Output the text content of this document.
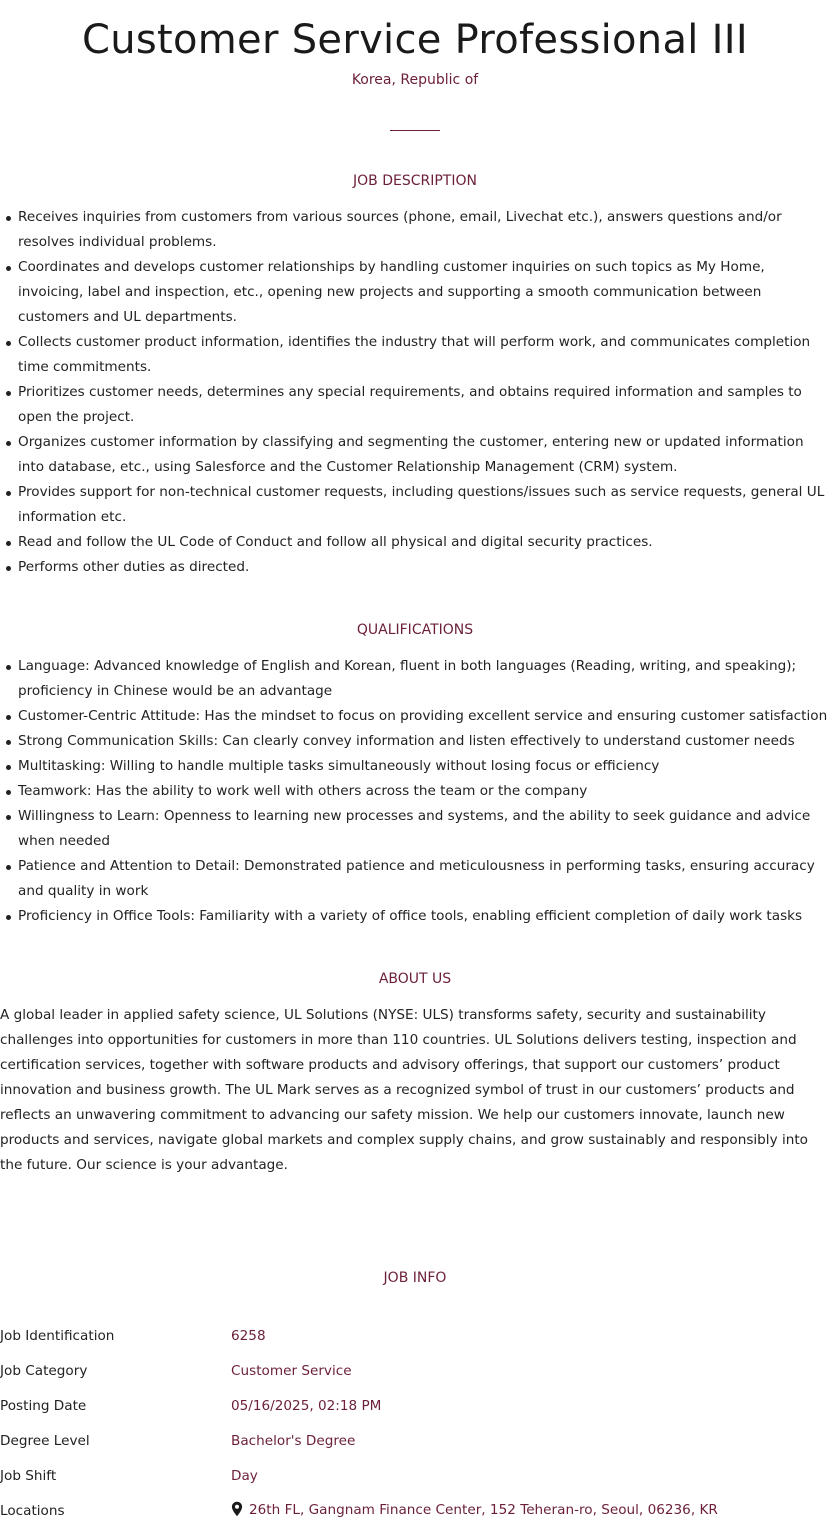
Customer Service Professional III
Korea, Republic of
JOB DESCRIPTION
Receives inquiries from customers from various sources (phone, email, Livechat etc.), answers questions and/or resolves individual problems.
Coordinates and develops customer relationships by handling customer inquiries on such topics as My Home, invoicing, label and inspection, etc., opening new projects and supporting a smooth communication between customers and UL departments.
Collects customer product information, identifies the industry that will perform work, and communicates completion time commitments.
Prioritizes customer needs, determines any special requirements, and obtains required information and samples to open the project.
Organizes customer information by classifying and segmenting the customer, entering new or updated information into database, etc., using Salesforce and the Customer Relationship Management (CRM) system.
Provides support for non-technical customer requests, including questions/issues such as service requests, general UL information etc.
Read and follow the UL Code of Conduct and follow all physical and digital security practices.
Performs other duties as directed.
QUALIFICATIONS
Language: Advanced knowledge of English and Korean, fluent in both languages (Reading, writing, and speaking); proficiency in Chinese would be an advantage
Customer-Centric Attitude: Has the mindset to focus on providing excellent service and ensuring customer satisfaction
Strong Communication Skills: Can clearly convey information and listen effectively to understand customer needs
Multitasking: Willing to handle multiple tasks simultaneously without losing focus or efficiency
Teamwork: Has the ability to work well with others across the team or the company
Willingness to Learn: Openness to learning new processes and systems, and the ability to seek guidance and advice when needed
Patience and Attention to Detail: Demonstrated patience and meticulousness in performing tasks, ensuring accuracy and quality in work
Proficiency in Office Tools: Familiarity with a variety of office tools, enabling efficient completion of daily work tasks
ABOUT US

A global leader in applied safety science, UL Solutions (NYSE: ULS) transforms safety, security and sustainability challenges into opportunities for customers in more than 110 countries. UL Solutions delivers testing, inspection and certification services, together with software products and advisory offerings, that support our customers’ product innovation and business growth. The UL Mark serves as a recognized symbol of trust in our customers’ products and reflects an unwavering commitment to advancing our safety mission. We help our customers innovate, launch new products and services, navigate global markets and complex supply chains, and grow sustainably and responsibly into the future. Our science is your advantage.

JOB INFO
Job Identification	6258
Job Category	Customer Service
Posting Date	05/16/2025, 02:18 PM
Degree Level	Bachelor's Degree
Job Shift	Day
Locations	26th FL, Gangnam Finance Center, 152 Teheran-ro, Seoul, 06236, KR
